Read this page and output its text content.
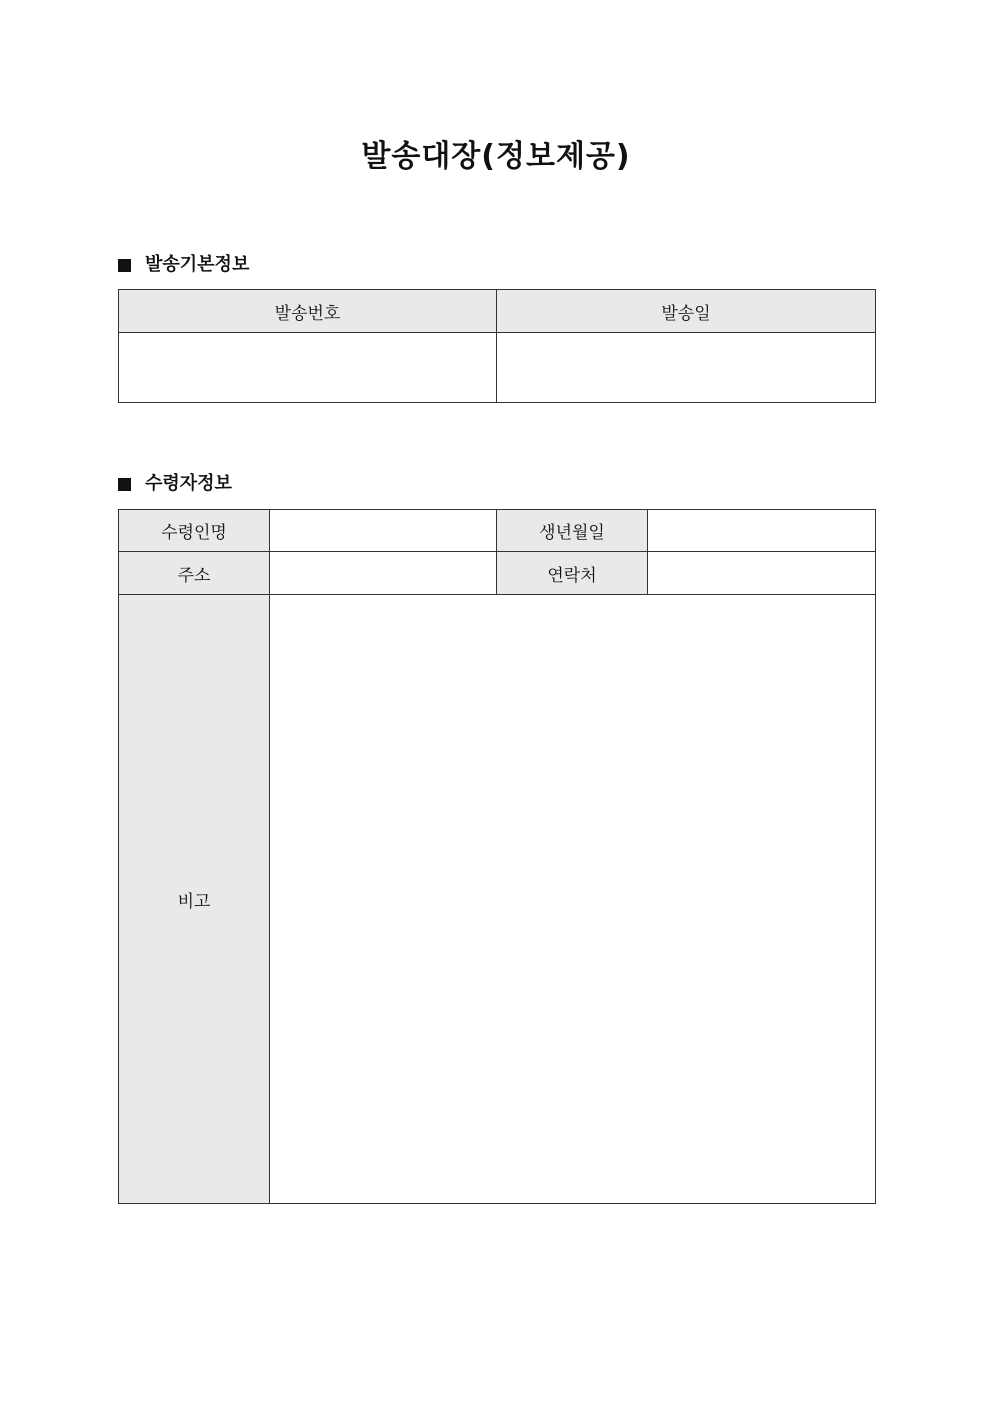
발송대장(정보제공)
발송기본정보
발송번호	발송일

수령자정보
수령인명		생년월일	
주소		연락처	
비고			
